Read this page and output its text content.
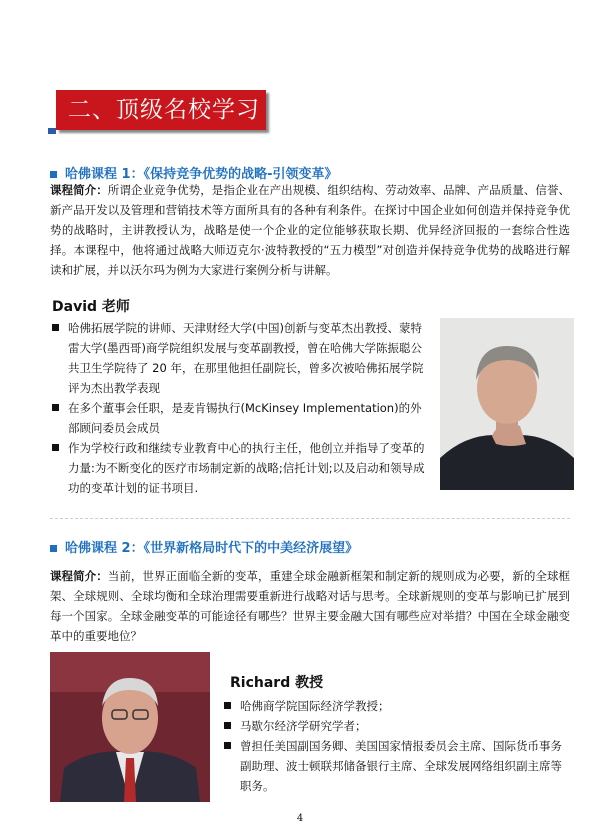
二、顶级名校学习
哈佛课程 1：《保持竞争优势的战略-引领变革》

课程简介：所谓企业竞争优势，是指企业在产出规模、组织结构、劳动效率、品牌、产品质量、信誉、新产品开发以及管理和营销技术等方面所具有的各种有利条件。在探讨中国企业如何创造并保持竞争优势的战略时，主讲教授认为，战略是使一个企业的定位能够获取长期、优异经济回报的一套综合性选择。本课程中，他将通过战略大师迈克尔·波特教授的“五力模型”对创造并保持竞争优势的战略进行解读和扩展，并以沃尔玛为例为大家进行案例分析与讲解。

David 老师
哈佛拓展学院的讲师、天津财经大学(中国)创新与变革杰出教授、蒙特雷大学(墨西哥)商学院组织发展与变革副教授，曾在哈佛大学陈振聪公共卫生学院待了 20 年，在那里他担任副院长，曾多次被哈佛拓展学院评为杰出教学表现
在多个董事会任职，是麦肯锡执行(McKinsey Implementation)的外部顾问委员会成员
作为学校行政和继续专业教育中心的执行主任，他创立并指导了变革的力量:为不断变化的医疗市场制定新的战略;信托计划;以及启动和领导成功的变革计划的证书项目.
哈佛课程 2：《世界新格局时代下的中美经济展望》

课程简介：当前，世界正面临全新的变革，重建全球金融新框架和制定新的规则成为必要，新的全球框架、全球规则、全球均衡和全球治理需要重新进行战略对话与思考。全球新规则的变革与影响已扩展到每一个国家。全球金融变革的可能途径有哪些？世界主要金融大国有哪些应对举措？中国在全球金融变革中的重要地位？

Richard 教授
哈佛商学院国际经济学教授；
马歇尔经济学研究学者；
曾担任美国副国务卿、美国国家情报委员会主席、国际货币事务副助理、波士顿联邦储备银行主席、全球发展网络组织副主席等职务。
4
